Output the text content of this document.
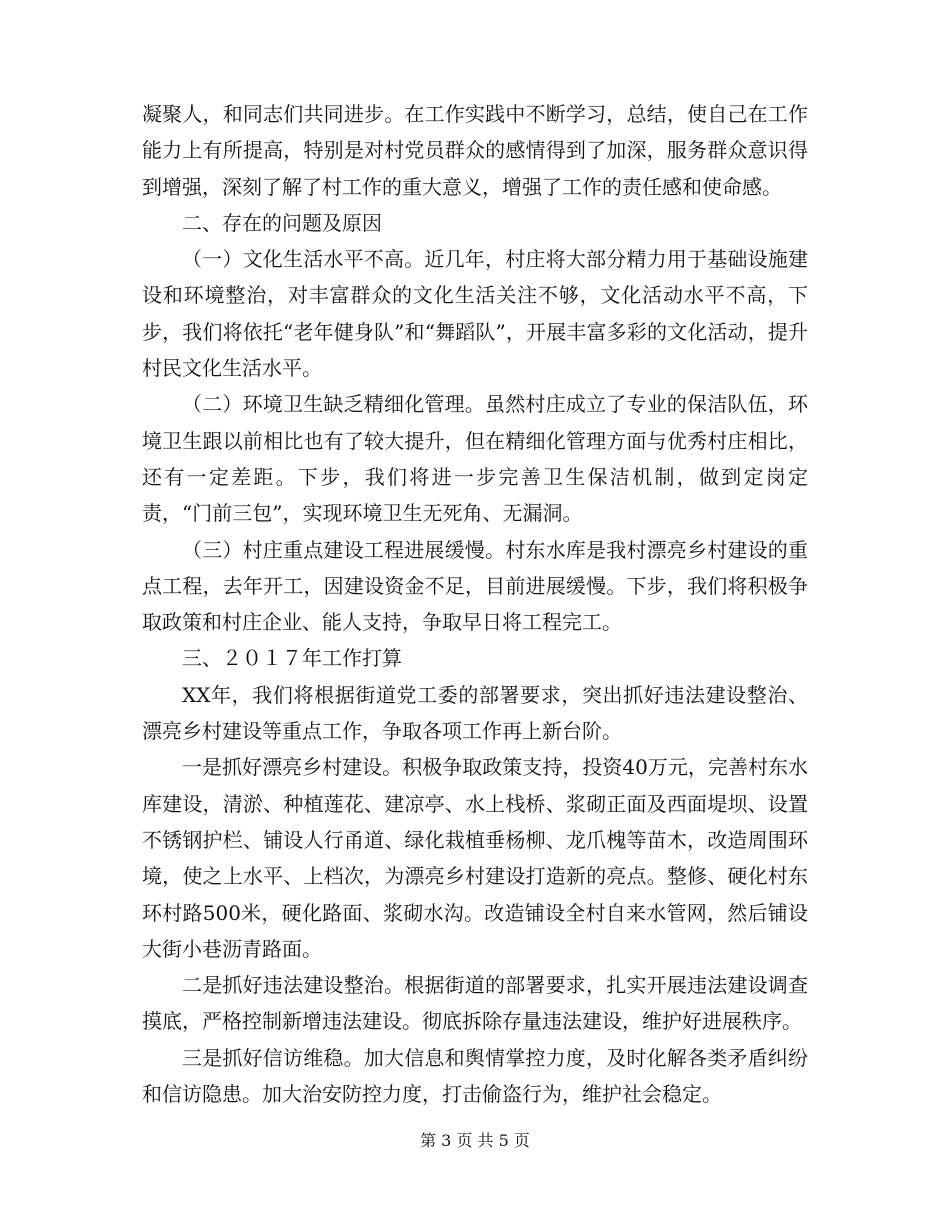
凝聚人，和同志们共同进步。在工作实践中不断学习，总结，使自己在工作能力上有所提高，特别是对村党员群众的感情得到了加深，服务群众意识得到增强，深刻了解了村工作的重大意义，增强了工作的责任感和使命感。

二、存在的问题及原因

（一）文化生活水平不高。近几年，村庄将大部分精力用于基础设施建设和环境整治，对丰富群众的文化生活关注不够，文化活动水平不高，下步，我们将依托“老年健身队”和“舞蹈队”，开展丰富多彩的文化活动，提升村民文化生活水平。

（二）环境卫生缺乏精细化管理。虽然村庄成立了专业的保洁队伍，环境卫生跟以前相比也有了较大提升，但在精细化管理方面与优秀村庄相比，还有一定差距。下步，我们将进一步完善卫生保洁机制，做到定岗定责，“门前三包”，实现环境卫生无死角、无漏洞。

（三）村庄重点建设工程进展缓慢。村东水库是我村漂亮乡村建设的重点工程，去年开工，因建设资金不足，目前进展缓慢。下步，我们将积极争取政策和村庄企业、能人支持，争取早日将工程完工。

三、２０１７年工作打算

XX年，我们将根据街道党工委的部署要求，突出抓好违法建设整治、漂亮乡村建设等重点工作，争取各项工作再上新台阶。

一是抓好漂亮乡村建设。积极争取政策支持，投资40万元，完善村东水库建设，清淤、种植莲花、建凉亭、水上栈桥、浆砌正面及西面堤坝、设置不锈钢护栏、铺设人行甬道、绿化栽植垂杨柳、龙爪槐等苗木，改造周围环境，使之上水平、上档次，为漂亮乡村建设打造新的亮点。整修、硬化村东环村路500米，硬化路面、浆砌水沟。改造铺设全村自来水管网，然后铺设大街小巷沥青路面。

二是抓好违法建设整治。根据街道的部署要求，扎实开展违法建设调查摸底，严格控制新增违法建设。彻底拆除存量违法建设，维护好进展秩序。

三是抓好信访维稳。加大信息和舆情掌控力度，及时化解各类矛盾纠纷和信访隐患。加大治安防控力度，打击偷盗行为，维护社会稳定。

第 3 页 共 5 页
